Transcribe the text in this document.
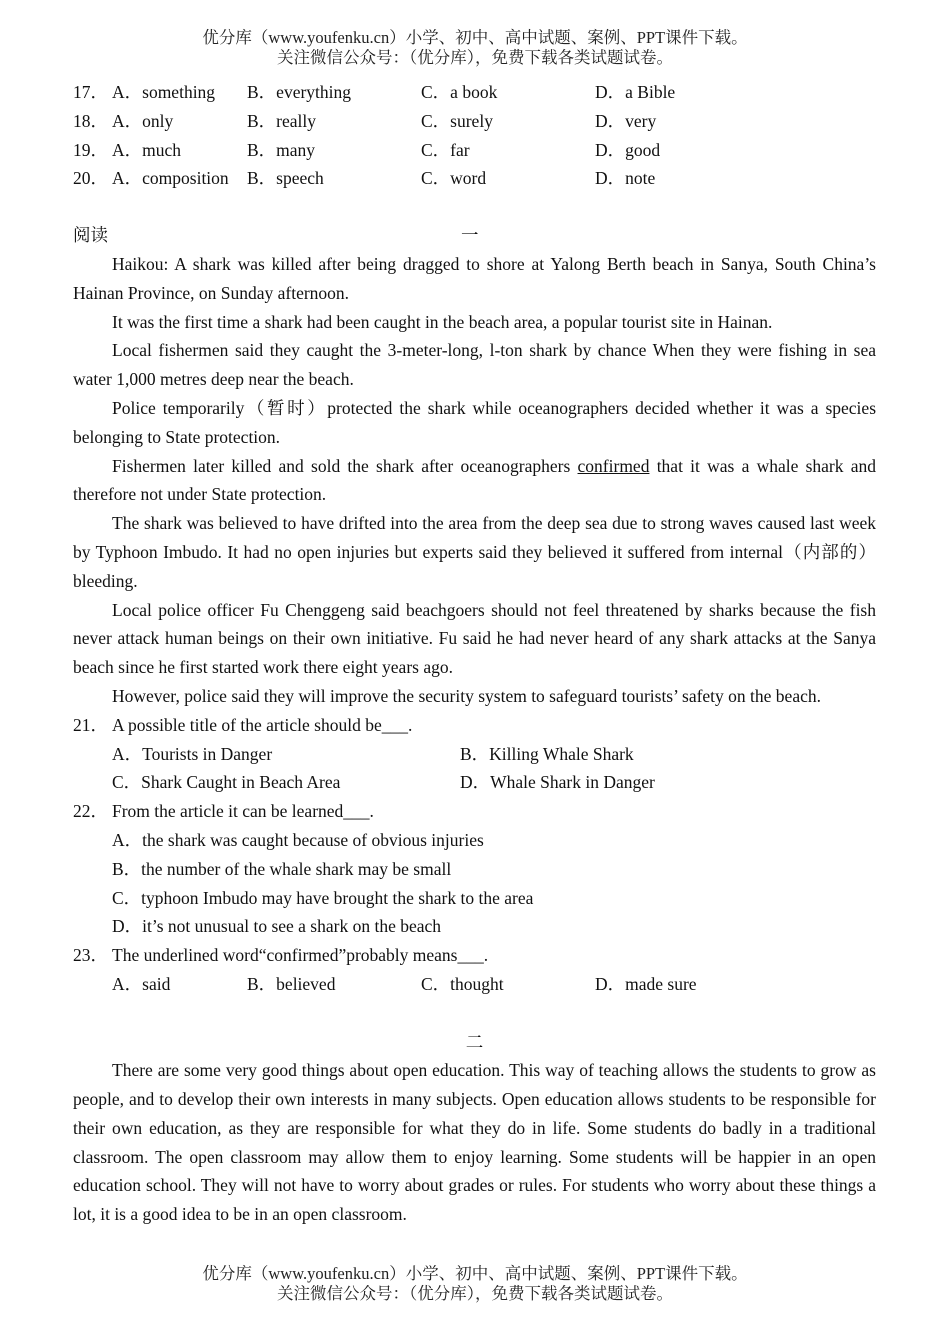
优分库（www.youfenku.cn）小学、初中、高中试题、案例、PPT课件下载。
关注微信公众号：（优分库），免费下载各类试题试卷。
17． A．something	B．everything	C．a book	D．a Bible
18． A．only	B．really	C．surely	D．very
19． A．much	B．many	C．far	D．good
20． A．composition	B．speech	C．word	D．note
阅读	一

Haikou: A shark was killed after being dragged to shore at Yalong Berth beach in Sanya, South China’s Hainan Province, on Sunday afternoon.

It was the first time a shark had been caught in the beach area, a popular tourist site in Hainan.

Local fishermen said they caught the 3-meter-long, l-ton shark by chance When they were fishing in sea water 1,000 metres deep near the beach.

Police temporarily（暂时）protected the shark while oceanographers decided whether it was a species belonging to State protection.

Fishermen later killed and sold the shark after oceanographers confirmed that it was a whale shark and therefore not under State protection.

The shark was believed to have drifted into the area from the deep sea due to strong waves caused last week by Typhoon Imbudo. It had no open injuries but experts said they believed it suffered from internal（内部的）bleeding.

Local police officer Fu Chenggeng said beachgoers should not feel threatened by sharks because the fish never attack human beings on their own initiative. Fu said he had never heard of any shark attacks at the Sanya beach since he first started work there eight years ago.

However, police said they will improve the security system to safeguard tourists’ safety on the beach.

21． A possible title of the article should be___.
A．Tourists in Danger	B．Killing Whale Shark
C．Shark Caught in Beach Area	D．Whale Shark in Danger
22． From the article it can be learned___.
A．the shark was caught because of obvious injuries
B．the number of the whale shark may be small
C．typhoon Imbudo may have brought the shark to the area
D．it’s not unusual to see a shark on the beach
23． The underlined word“confirmed”probably means___.
A．said	B．believed	C．thought	D．made sure
二

There are some very good things about open education. This way of teaching allows the students to grow as people, and to develop their own interests in many subjects. Open education allows students to be responsible for their own education, as they are responsible for what they do in life. Some students do badly in a traditional classroom. The open classroom may allow them to enjoy learning. Some students will be happier in an open education school. They will not have to worry about grades or rules. For students who worry about these things a lot, it is a good idea to be in an open classroom.

优分库（www.youfenku.cn）小学、初中、高中试题、案例、PPT课件下载。
关注微信公众号：（优分库），免费下载各类试题试卷。
